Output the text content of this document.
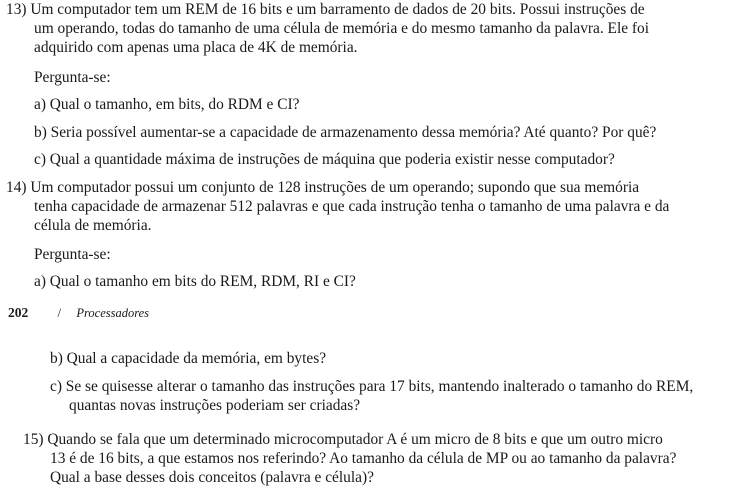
13) Um computador tem um REM de 16 bits e um barramento de dados de 20 bits. Possui instruções de
um operando, todas do tamanho de uma célula de memória e do mesmo tamanho da palavra. Ele foi
adquirido com apenas uma placa de 4K de memória.
Pergunta-se:
a) Qual o tamanho, em bits, do RDM e CI?
b) Seria possível aumentar-se a capacidade de armazenamento dessa memória? Até quanto? Por quê?
c) Qual a quantidade máxima de instruções de máquina que poderia existir nesse computador?
14) Um computador possui um conjunto de 128 instruções de um operando; supondo que sua memória
tenha capacidade de armazenar 512 palavras e que cada instrução tenha o tamanho de uma palavra e da
célula de memória.
Pergunta-se:
a) Qual o tamanho em bits do REM, RDM, RI e CI?
202 / Processadores
b) Qual a capacidade da memória, em bytes?
c) Se se quisesse alterar o tamanho das instruções para 17 bits, mantendo inalterado o tamanho do REM,
quantas novas instruções poderiam ser criadas?
15) Quando se fala que um determinado microcomputador A é um micro de 8 bits e que um outro micro
13 é de 16 bits, a que estamos nos referindo? Ao tamanho da célula de MP ou ao tamanho da palavra?
Qual a base desses dois conceitos (palavra e célula)?
